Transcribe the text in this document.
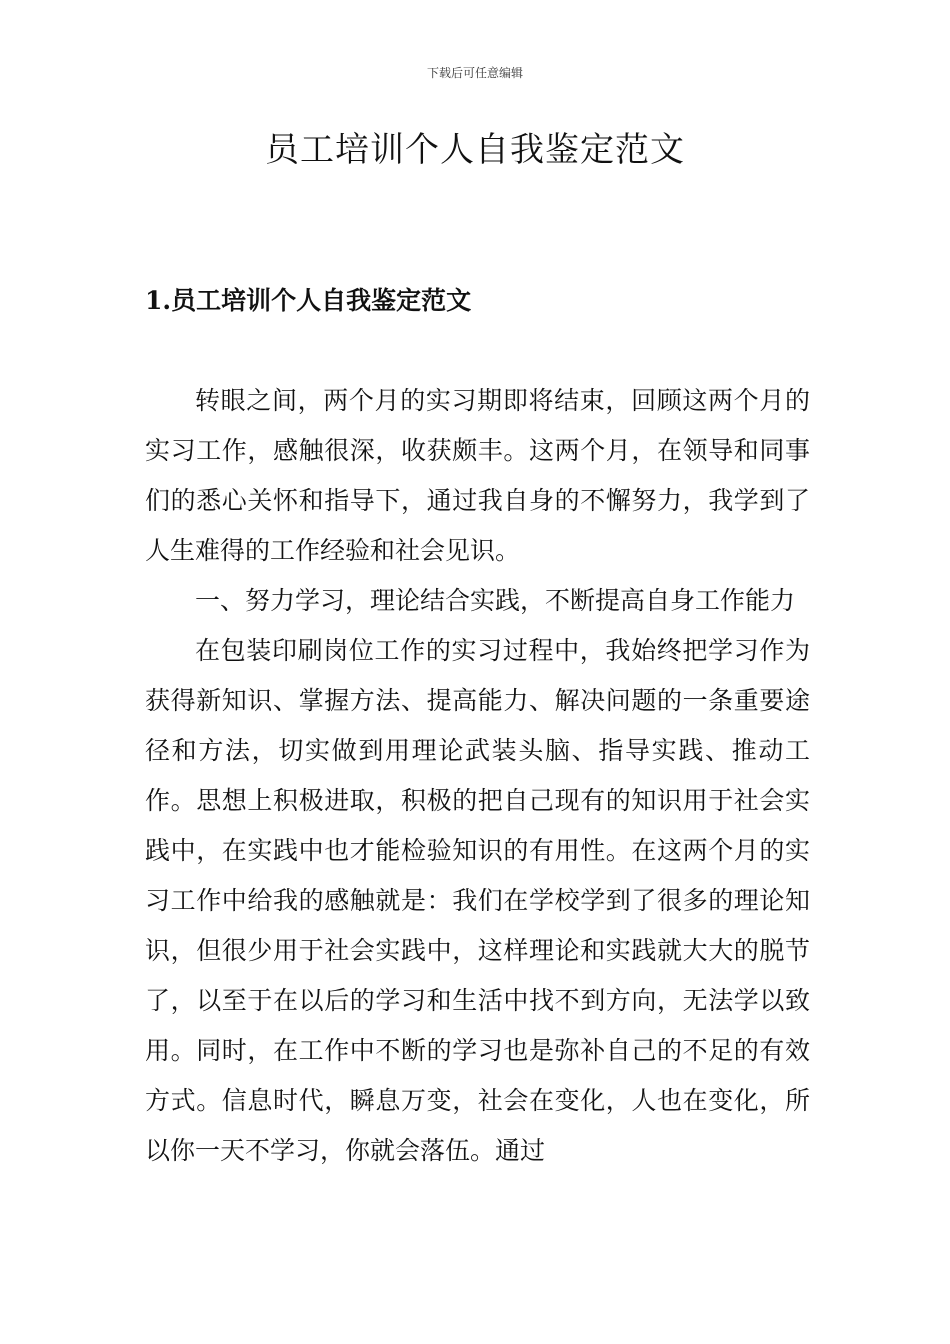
下载后可任意编辑
员工培训个人自我鉴定范文
1.员工培训个人自我鉴定范文

转眼之间，两个月的实习期即将结束，回顾这两个月的实习工作，感触很深，收获颇丰。这两个月，在领导和同事们的悉心关怀和指导下，通过我自身的不懈努力，我学到了人生难得的工作经验和社会见识。

一、努力学习，理论结合实践，不断提高自身工作能力

在包装印刷岗位工作的实习过程中，我始终把学习作为获得新知识、掌握方法、提高能力、解决问题的一条重要途径和方法，切实做到用理论武装头脑、指导实践、推动工作。思想上积极进取，积极的把自己现有的知识用于社会实践中，在实践中也才能检验知识的有用性。在这两个月的实习工作中给我的感触就是：我们在学校学到了很多的理论知识，但很少用于社会实践中，这样理论和实践就大大的脱节了，以至于在以后的学习和生活中找不到方向，无法学以致用。同时，在工作中不断的学习也是弥补自己的不足的有效方式。信息时代，瞬息万变，社会在变化，人也在变化，所以你一天不学习，你就会落伍。通过
